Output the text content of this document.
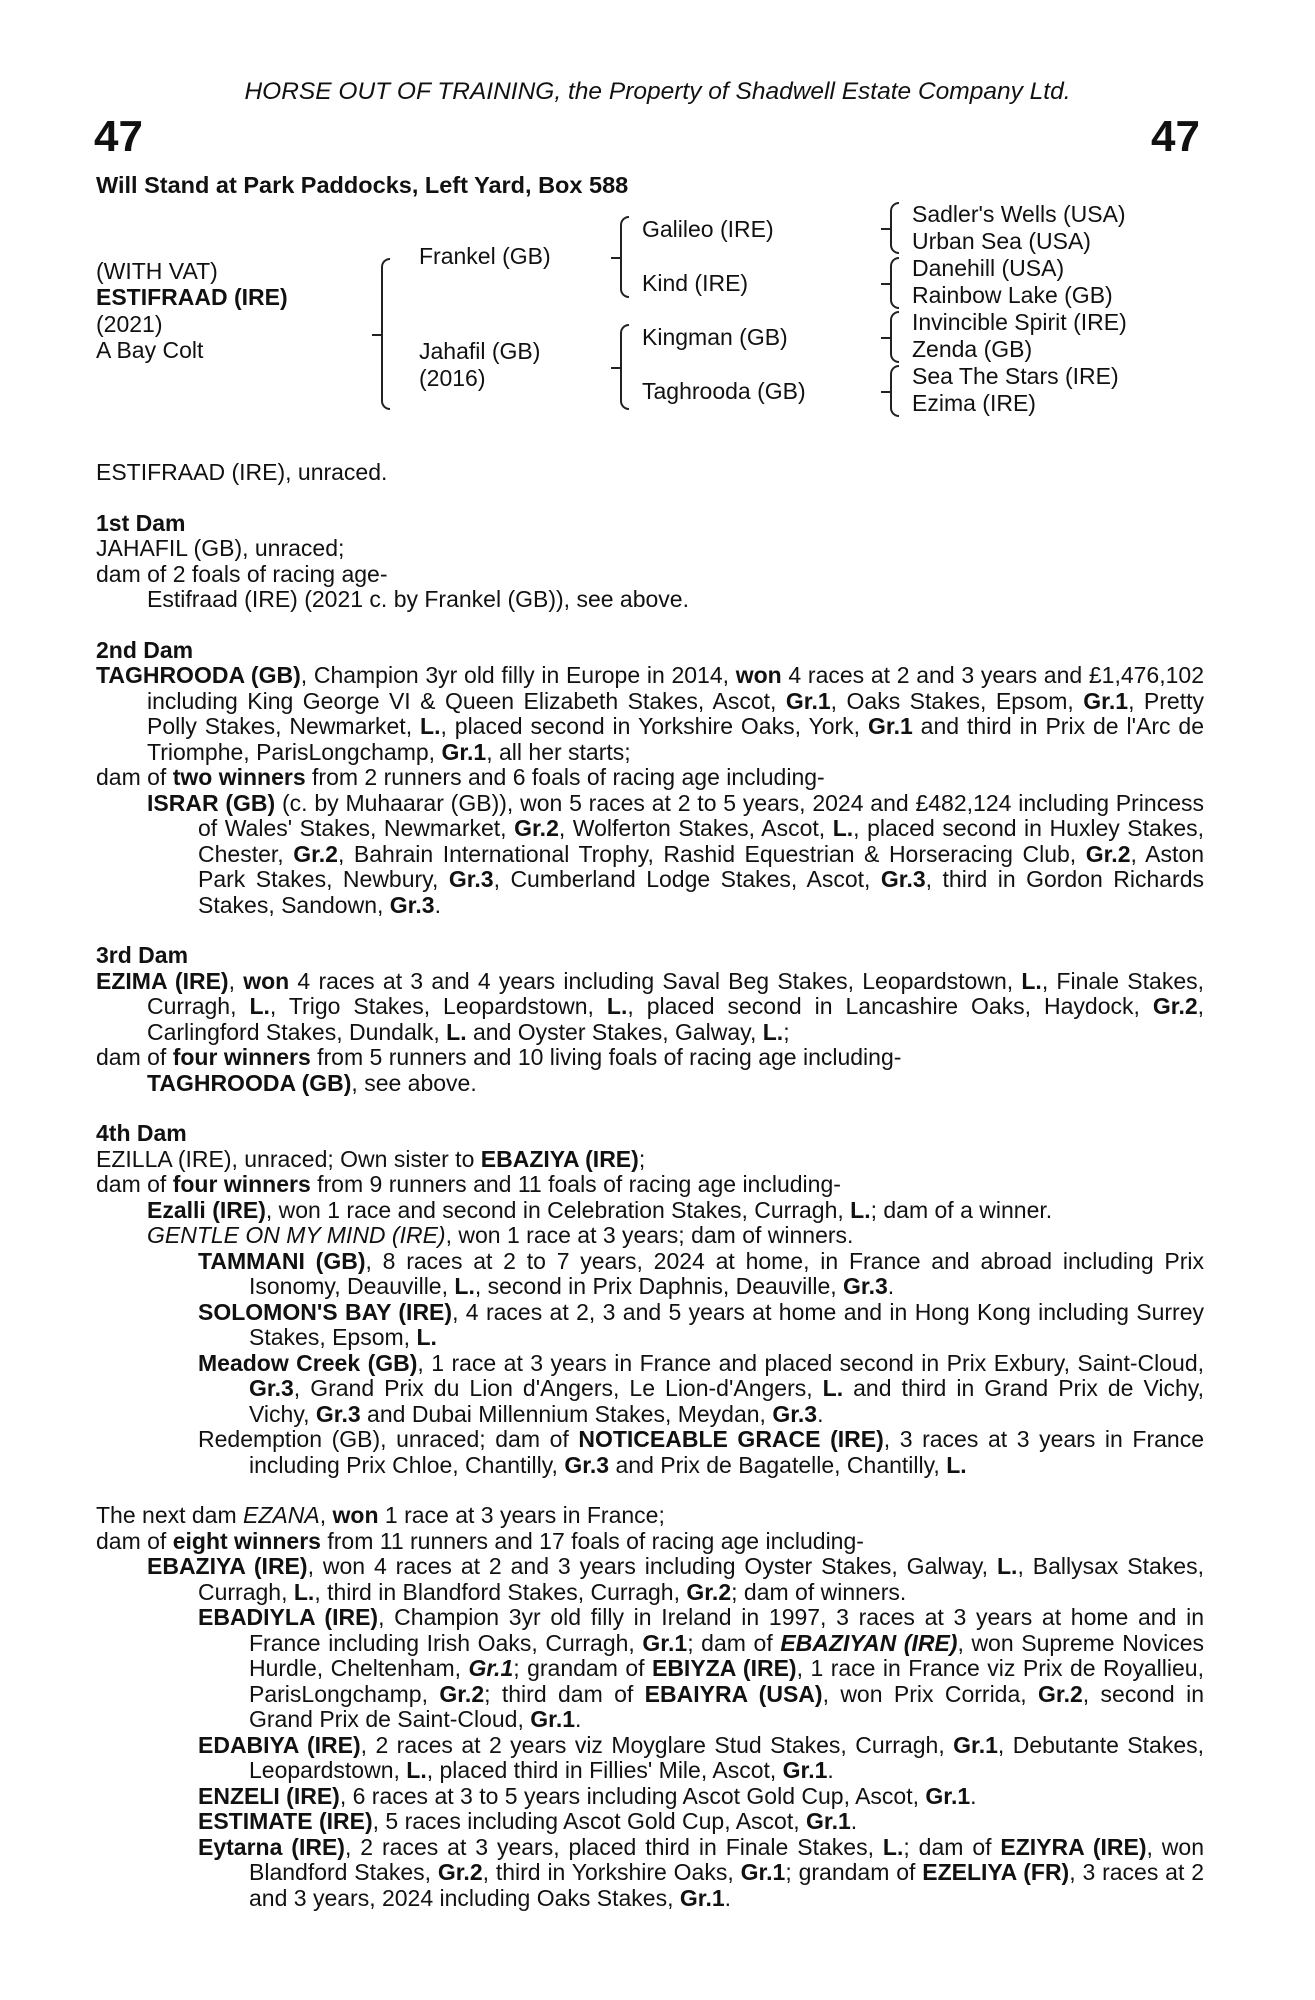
HORSE OUT OF TRAINING, the Property of Shadwell Estate Company Ltd.
47	47
Will Stand at Park Paddocks, Left Yard, Box 588
(WITH VAT)
ESTIFRAAD (IRE)
(2021)
A Bay Colt
Frankel (GB)
Jahafil (GB)
(2016)
Galileo (IRE)
Kind (IRE)
Kingman (GB)
Taghrooda (GB)
Sadler's Wells (USA)
Urban Sea (USA)
Danehill (USA)
Rainbow Lake (GB)
Invincible Spirit (IRE)
Zenda (GB)
Sea The Stars (IRE)
Ezima (IRE)

ESTIFRAAD (IRE), unraced.

1st Dam

JAHAFIL (GB), unraced;

dam of 2 foals of racing age-

Estifraad (IRE) (2021 c. by Frankel (GB)), see above.

2nd Dam

TAGHROODA (GB), Champion 3yr old filly in Europe in 2014, won 4 races at 2 and 3 years and £1,476,102 including King George VI & Queen Elizabeth Stakes, Ascot, Gr.1, Oaks Stakes, Epsom, Gr.1, Pretty Polly Stakes, Newmarket, L., placed second in Yorkshire Oaks, York, Gr.1 and third in Prix de l'Arc de Triomphe, ParisLongchamp, Gr.1, all her starts;

dam of two winners from 2 runners and 6 foals of racing age including-

ISRAR (GB) (c. by Muhaarar (GB)), won 5 races at 2 to 5 years, 2024 and £482,124 including Princess of Wales' Stakes, Newmarket, Gr.2, Wolferton Stakes, Ascot, L., placed second in Huxley Stakes, Chester, Gr.2, Bahrain International Trophy, Rashid Equestrian & Horseracing Club, Gr.2, Aston Park Stakes, Newbury, Gr.3, Cumberland Lodge Stakes, Ascot, Gr.3, third in Gordon Richards Stakes, Sandown, Gr.3.

3rd Dam

EZIMA (IRE), won 4 races at 3 and 4 years including Saval Beg Stakes, Leopardstown, L., Finale Stakes, Curragh, L., Trigo Stakes, Leopardstown, L., placed second in Lancashire Oaks, Haydock, Gr.2, Carlingford Stakes, Dundalk, L. and Oyster Stakes, Galway, L.;

dam of four winners from 5 runners and 10 living foals of racing age including-

TAGHROODA (GB), see above.

4th Dam

EZILLA (IRE), unraced; Own sister to EBAZIYA (IRE);

dam of four winners from 9 runners and 11 foals of racing age including-

Ezalli (IRE), won 1 race and second in Celebration Stakes, Curragh, L.; dam of a winner.

GENTLE ON MY MIND (IRE), won 1 race at 3 years; dam of winners.

TAMMANI (GB), 8 races at 2 to 7 years, 2024 at home, in France and abroad including Prix Isonomy, Deauville, L., second in Prix Daphnis, Deauville, Gr.3.

SOLOMON'S BAY (IRE), 4 races at 2, 3 and 5 years at home and in Hong Kong including Surrey Stakes, Epsom, L.

Meadow Creek (GB), 1 race at 3 years in France and placed second in Prix Exbury, Saint-Cloud, Gr.3, Grand Prix du Lion d'Angers, Le Lion-d'Angers, L. and third in Grand Prix de Vichy, Vichy, Gr.3 and Dubai Millennium Stakes, Meydan, Gr.3.

Redemption (GB), unraced; dam of NOTICEABLE GRACE (IRE), 3 races at 3 years in France including Prix Chloe, Chantilly, Gr.3 and Prix de Bagatelle, Chantilly, L.

The next dam EZANA, won 1 race at 3 years in France;

dam of eight winners from 11 runners and 17 foals of racing age including-

EBAZIYA (IRE), won 4 races at 2 and 3 years including Oyster Stakes, Galway, L., Ballysax Stakes, Curragh, L., third in Blandford Stakes, Curragh, Gr.2; dam of winners.

EBADIYLA (IRE), Champion 3yr old filly in Ireland in 1997, 3 races at 3 years at home and in France including Irish Oaks, Curragh, Gr.1; dam of EBAZIYAN (IRE), won Supreme Novices Hurdle, Cheltenham, Gr.1; grandam of EBIYZA (IRE), 1 race in France viz Prix de Royallieu, ParisLongchamp, Gr.2; third dam of EBAIYRA (USA), won Prix Corrida, Gr.2, second in Grand Prix de Saint-Cloud, Gr.1.

EDABIYA (IRE), 2 races at 2 years viz Moyglare Stud Stakes, Curragh, Gr.1, Debutante Stakes, Leopardstown, L., placed third in Fillies' Mile, Ascot, Gr.1.

ENZELI (IRE), 6 races at 3 to 5 years including Ascot Gold Cup, Ascot, Gr.1.

ESTIMATE (IRE), 5 races including Ascot Gold Cup, Ascot, Gr.1.

Eytarna (IRE), 2 races at 3 years, placed third in Finale Stakes, L.; dam of EZIYRA (IRE), won Blandford Stakes, Gr.2, third in Yorkshire Oaks, Gr.1; grandam of EZELIYA (FR), 3 races at 2 and 3 years, 2024 including Oaks Stakes, Gr.1.
